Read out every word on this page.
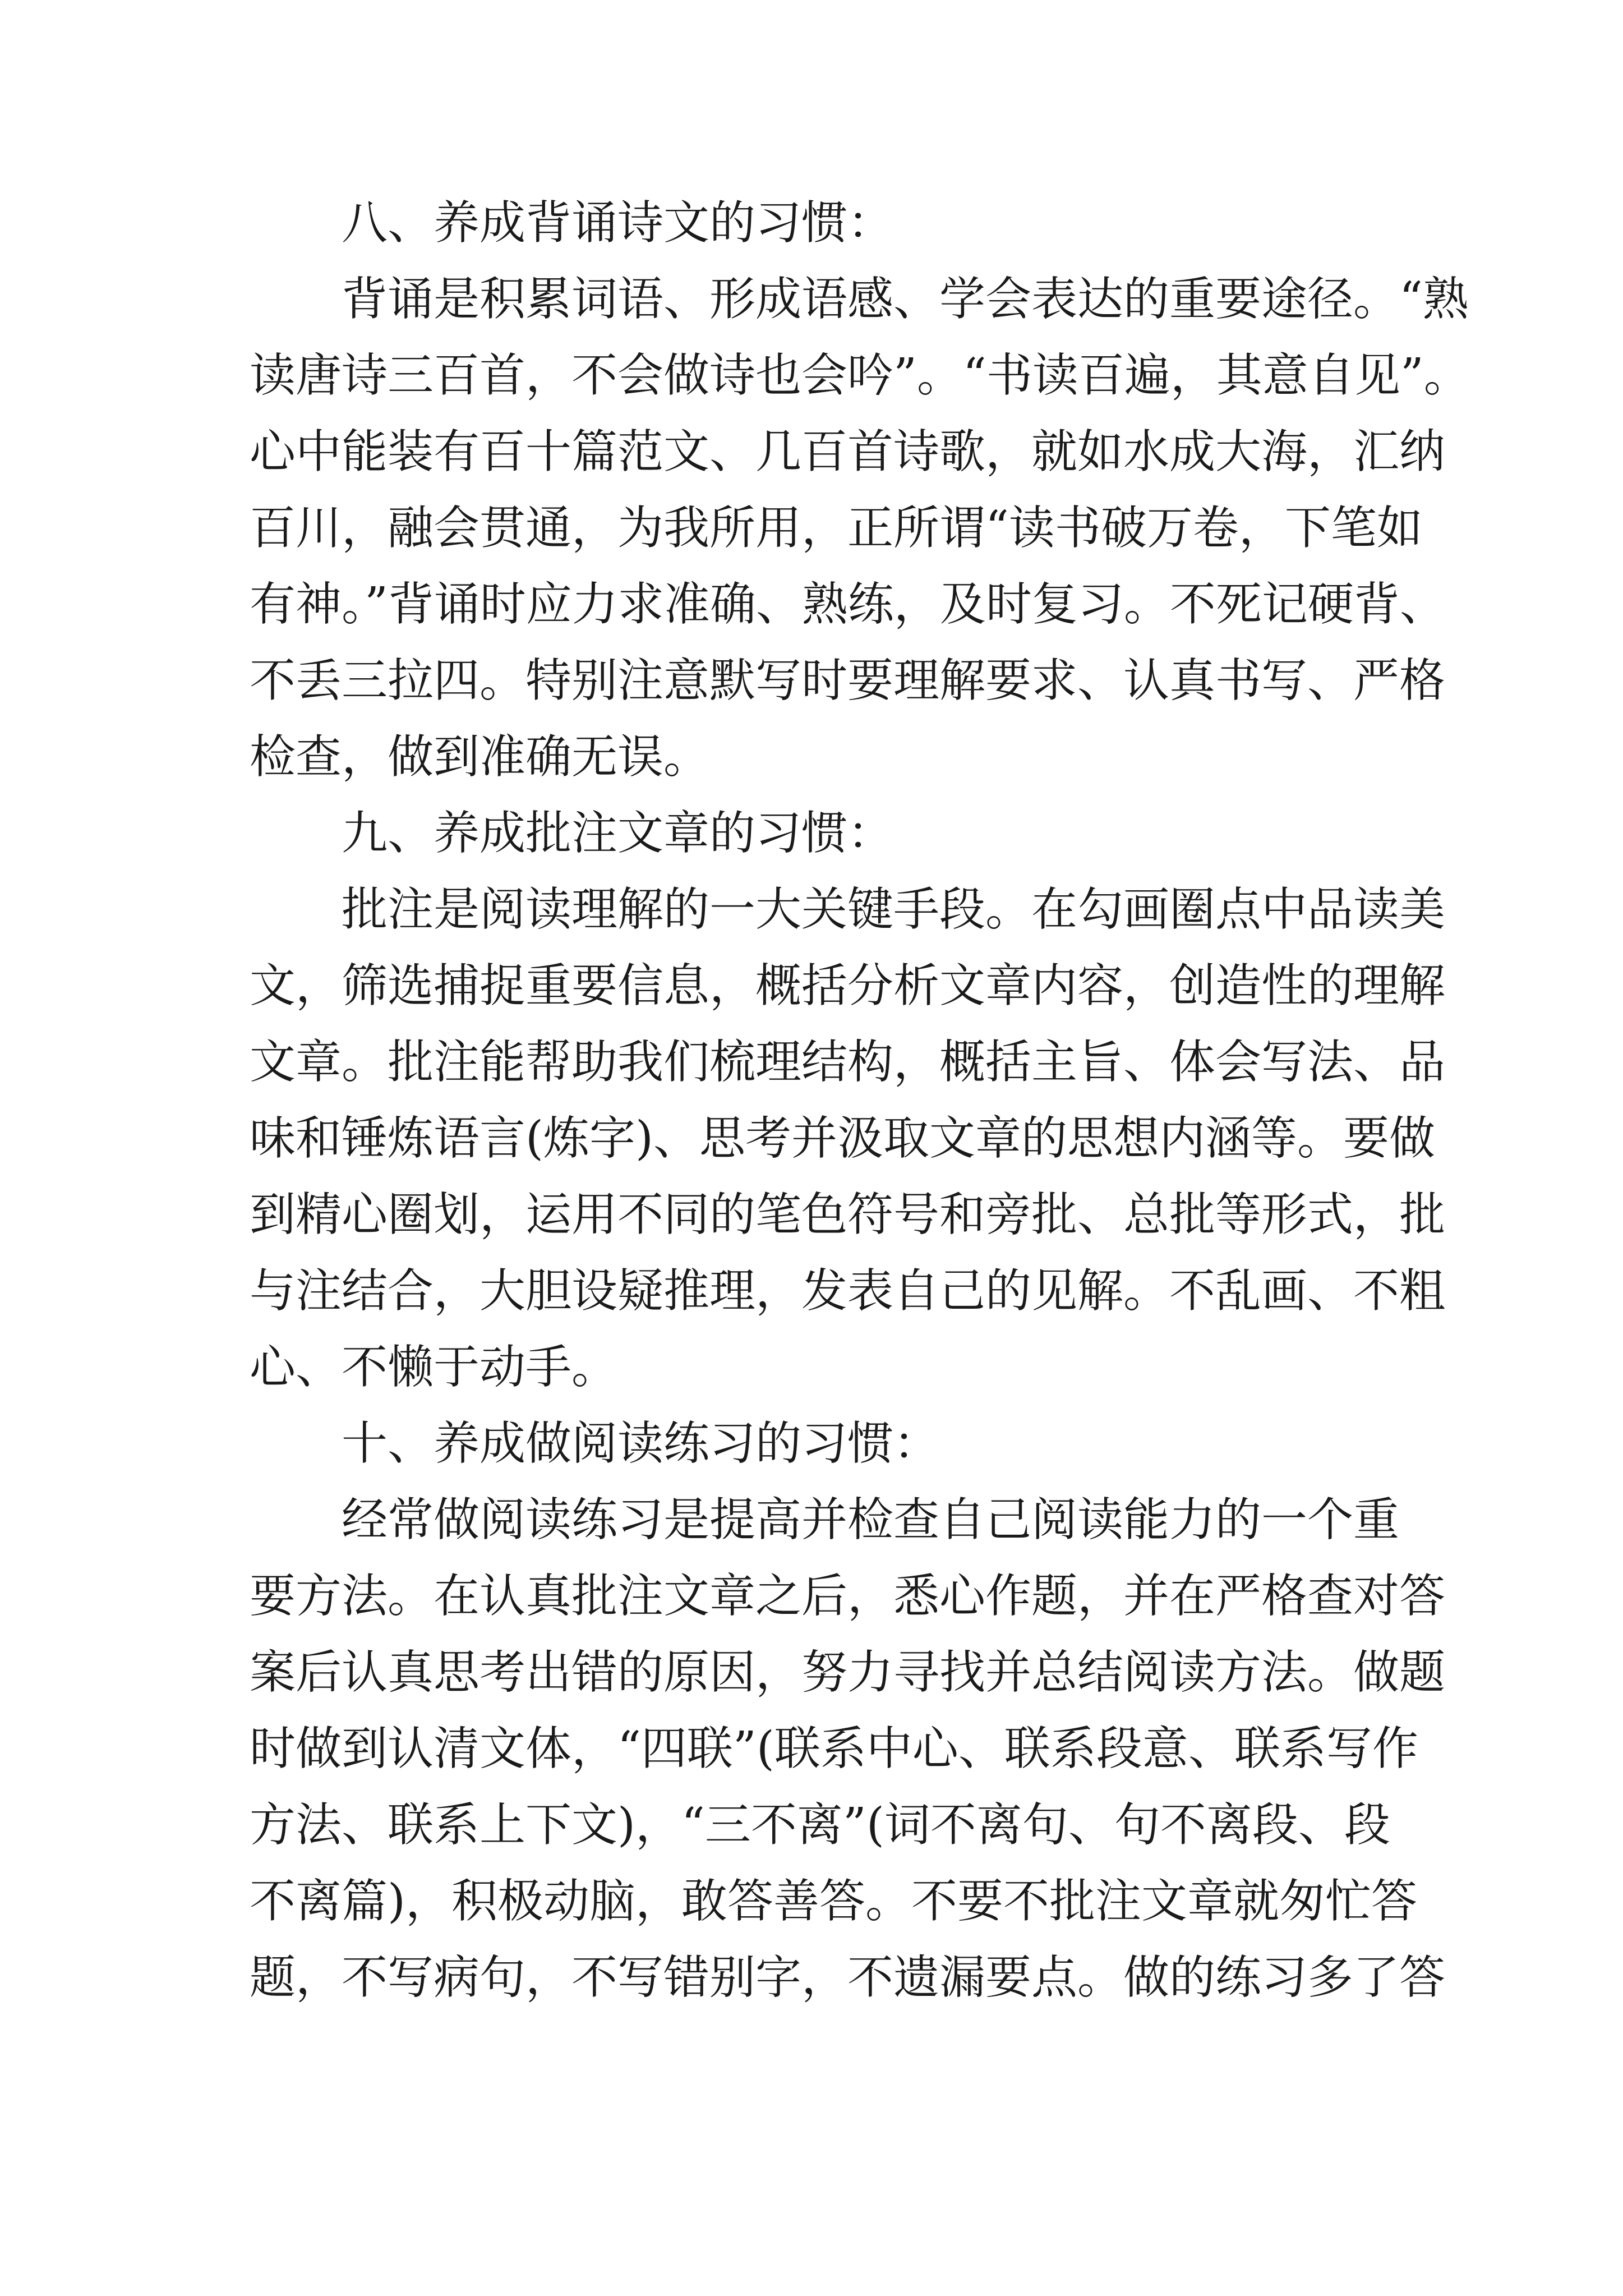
八、养成背诵诗文的习惯：
背诵是积累词语、形成语感、学会表达的重要途径。“熟
读唐诗三百首，不会做诗也会吟”。“书读百遍，其意自见”。
心中能装有百十篇范文、几百首诗歌，就如水成大海，汇纳
百川，融会贯通，为我所用，正所谓“读书破万卷，下笔如
有神。”背诵时应力求准确、熟练，及时复习。不死记硬背、
不丢三拉四。特别注意默写时要理解要求、认真书写、严格
检查，做到准确无误。
九、养成批注文章的习惯：
批注是阅读理解的一大关键手段。在勾画圈点中品读美
文，筛选捕捉重要信息，概括分析文章内容，创造性的理解
文章。批注能帮助我们梳理结构，概括主旨、体会写法、品
味和锤炼语言(炼字)、思考并汲取文章的思想内涵等。要做
到精心圈划，运用不同的笔色符号和旁批、总批等形式，批
与注结合，大胆设疑推理，发表自己的见解。不乱画、不粗
心、不懒于动手。
十、养成做阅读练习的习惯：
经常做阅读练习是提高并检查自己阅读能力的一个重
要方法。在认真批注文章之后，悉心作题，并在严格查对答
案后认真思考出错的原因，努力寻找并总结阅读方法。做题
时做到认清文体，“四联”(联系中心、联系段意、联系写作
方法、联系上下文)，“三不离”(词不离句、句不离段、段
不离篇)，积极动脑，敢答善答。不要不批注文章就匆忙答
题，不写病句，不写错别字，不遗漏要点。做的练习多了答
